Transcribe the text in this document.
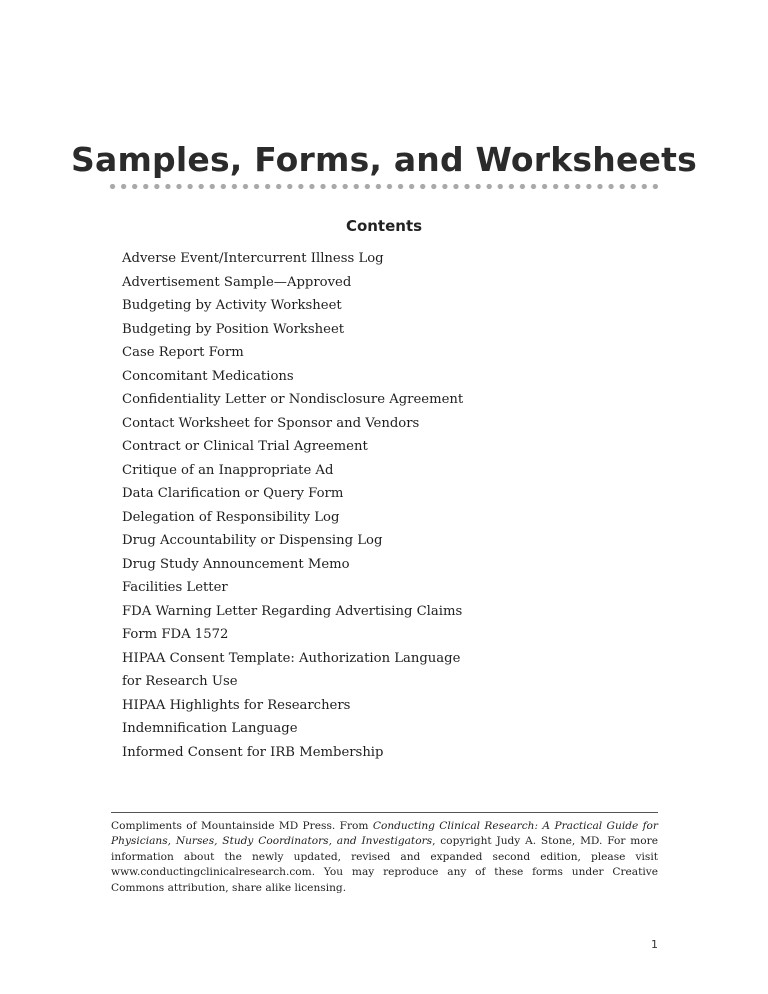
Samples, Forms, and Worksheets
Contents
Adverse Event/Intercurrent Illness Log
Advertisement Sample—Approved
Budgeting by Activity Worksheet
Budgeting by Position Worksheet
Case Report Form
Concomitant Medications
Confidentiality Letter or Nondisclosure Agreement
Contact Worksheet for Sponsor and Vendors
Contract or Clinical Trial Agreement
Critique of an Inappropriate Ad
Data Clarification or Query Form
Delegation of Responsibility Log
Drug Accountability or Dispensing Log
Drug Study Announcement Memo
Facilities Letter
FDA Warning Letter Regarding Advertising Claims
Form FDA 1572
HIPAA Consent Template: Authorization Language
for Research Use
HIPAA Highlights for Researchers
Indemnification Language
Informed Consent for IRB Membership

Compliments of Mountainside MD Press. From Conducting Clinical Research: A Practical Guide for Physicians, Nurses, Study Coordinators, and Investigators, copyright Judy A. Stone, MD. For more information about the newly updated, revised and expanded second edition, please visit www.conductingclinicalresearch.com. You may reproduce any of these forms under Creative Commons attribution, share alike licensing.

1
